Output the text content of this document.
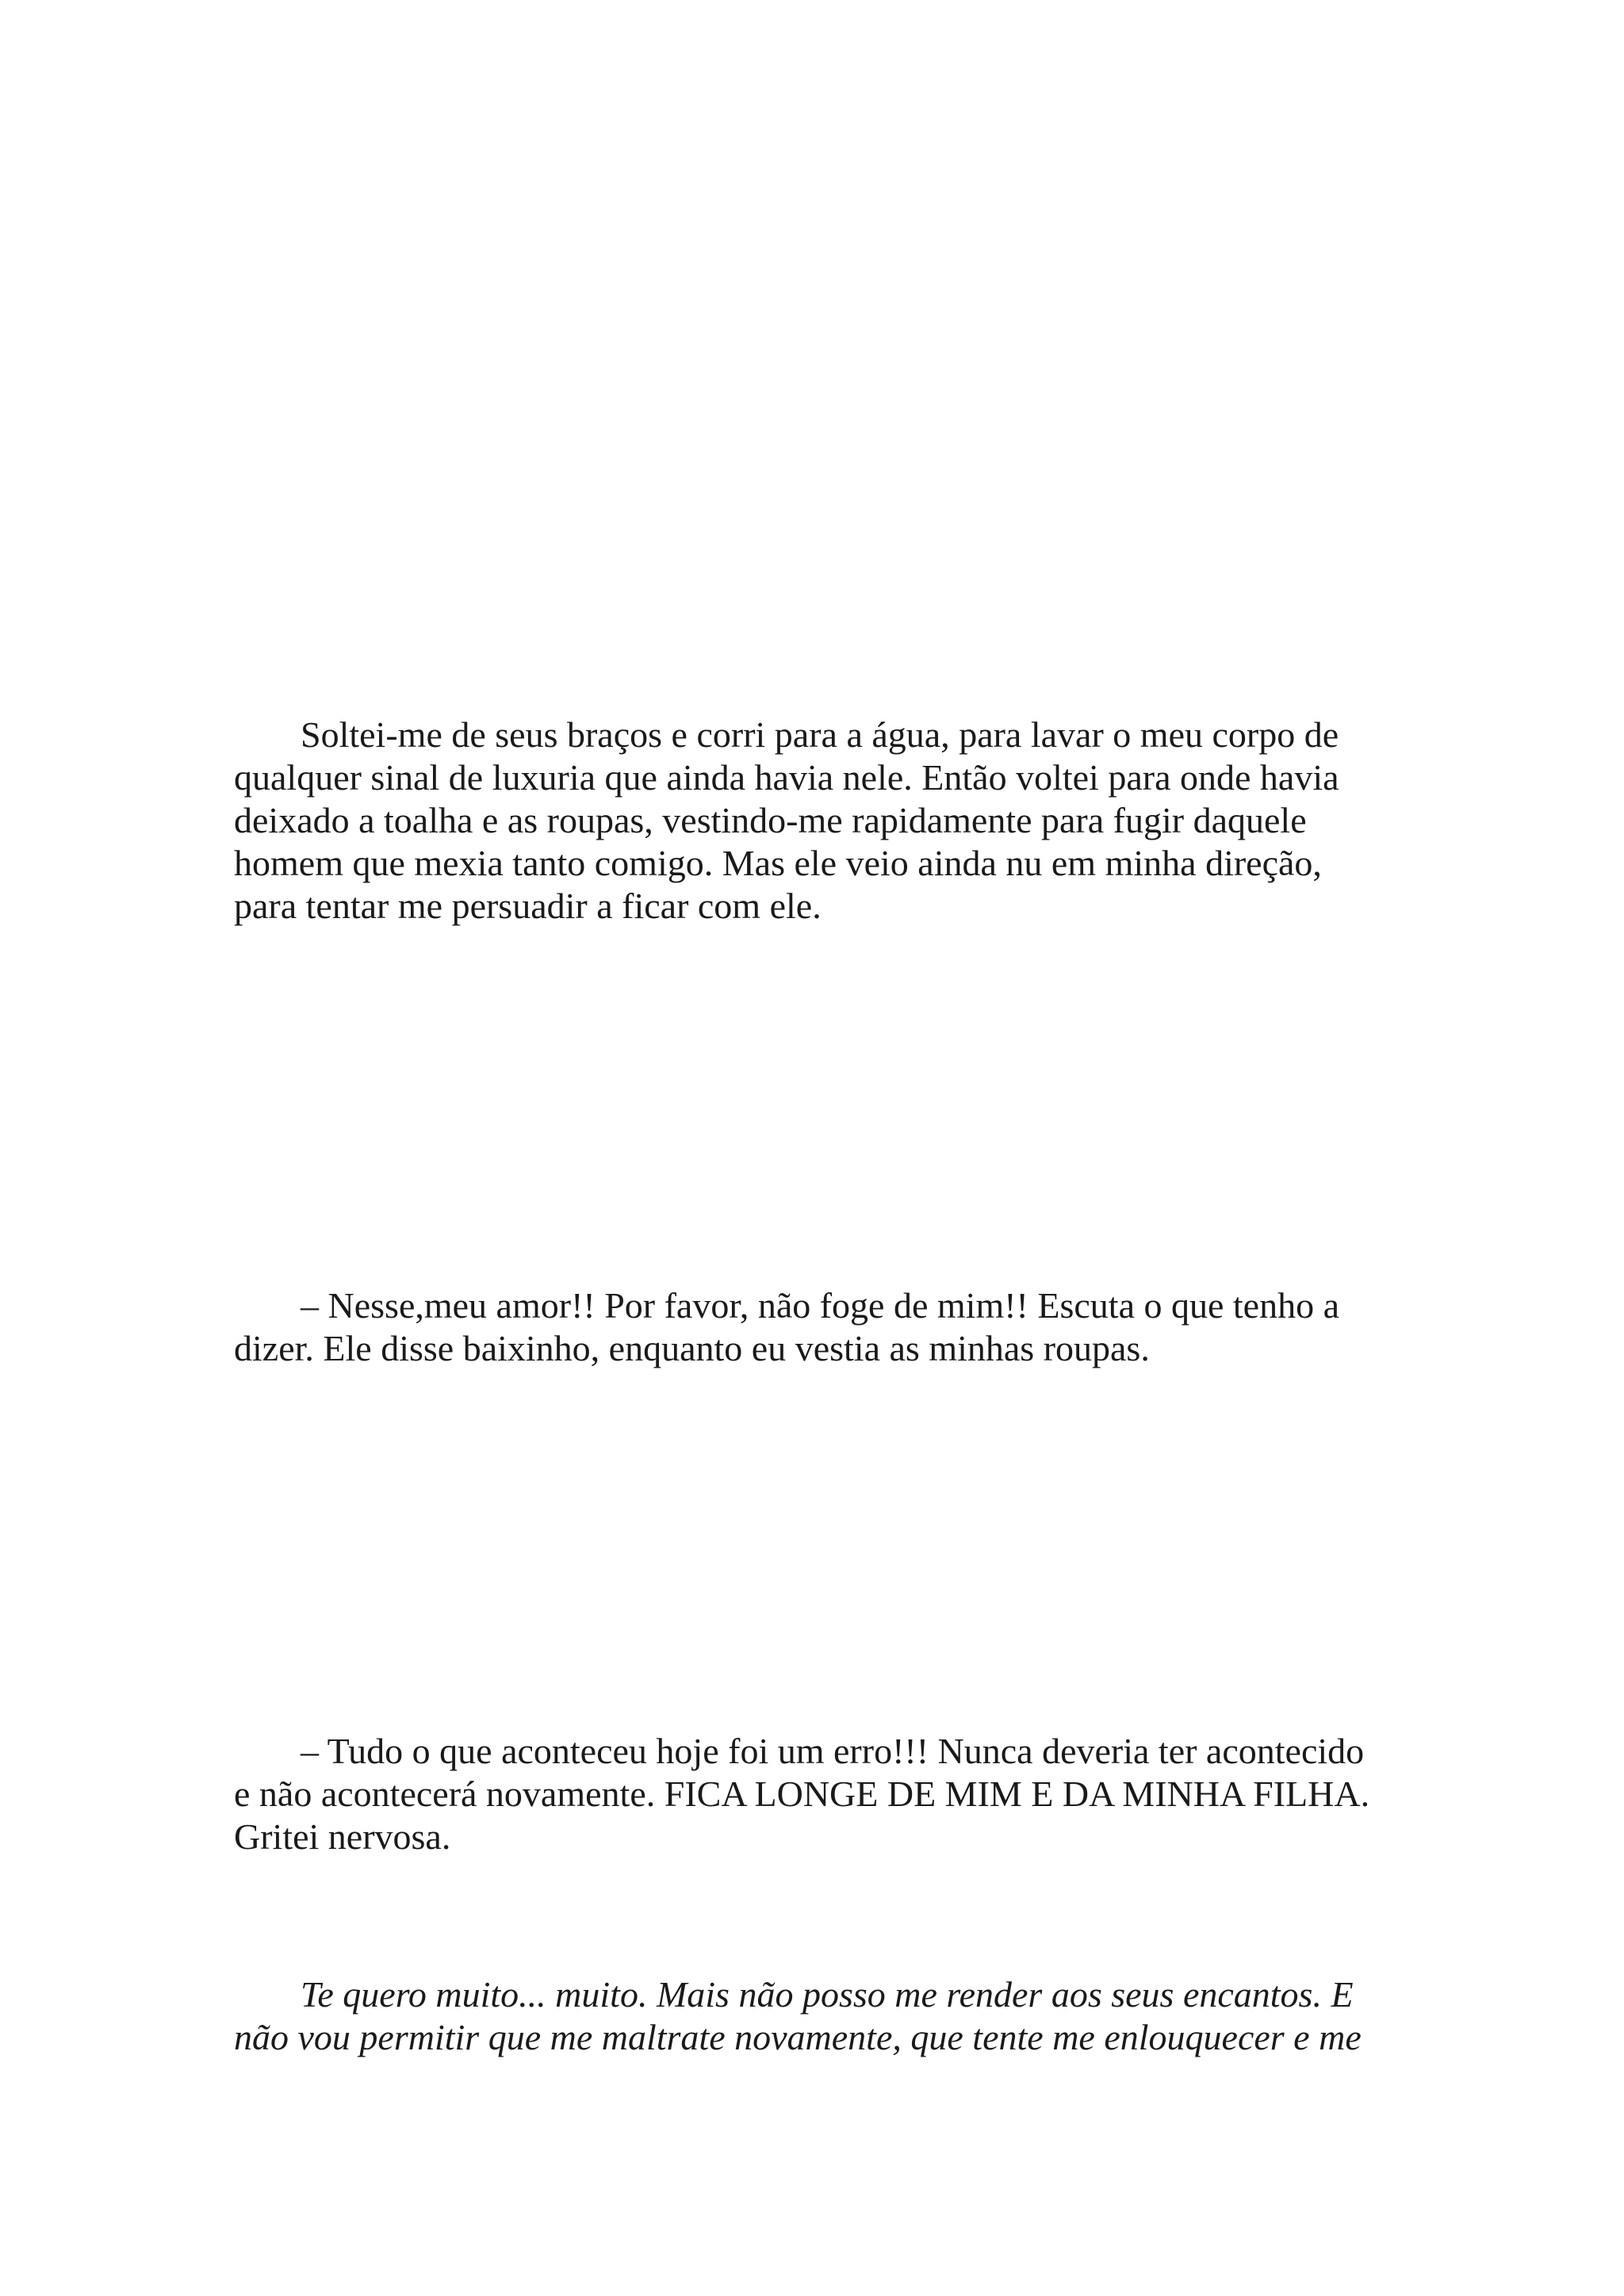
Soltei-me de seus braços e corri para a água, para lavar o meu corpo de
qualquer sinal de luxuria que ainda havia nele. Então voltei para onde havia
deixado a toalha e as roupas, vestindo-me rapidamente para fugir daquele
homem que mexia tanto comigo. Mas ele veio ainda nu em minha direção,
para tentar me persuadir a ficar com ele.

– Nesse,meu amor!! Por favor, não foge de mim!! Escuta o que tenho a
dizer. Ele disse baixinho, enquanto eu vestia as minhas roupas.

– Tudo o que aconteceu hoje foi um erro!!! Nunca deveria ter acontecido
e não acontecerá novamente. FICA LONGE DE MIM E DA MINHA FILHA.
Gritei nervosa.

Te quero muito... muito. Mais não posso me render aos seus encantos. E
não vou permitir que me maltrate novamente, que tente me enlouquecer e me
